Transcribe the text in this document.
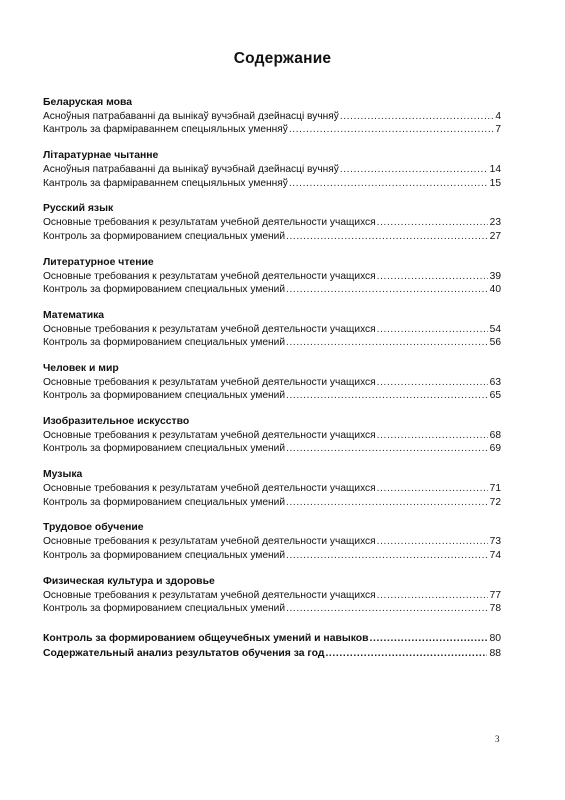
Содержание
Беларуская мова
Асноўныя патрабаванні да вынікаў вучэбнай дзейнасці вучняў .....	4
Кантроль за фарміраваннем спецыяльных уменняў .....	7
Літаратурнае чытанне
Асноўныя патрабаванні да вынікаў вучэбнай дзейнасці вучняў .....	14
Кантроль за фарміраваннем спецыяльных уменняў .....	15
Русский язык
Основные требования к результатам учебной деятельности учащихся .....	23
Контроль за формированием специальных умений .....	27
Литературное чтение
Основные требования к результатам учебной деятельности учащихся .....	39
Контроль за формированием специальных умений .....	40
Математика
Основные требования к результатам учебной деятельности учащихся .....	54
Контроль за формированием специальных умений .....	56
Человек и мир
Основные требования к результатам учебной деятельности учащихся .....	63
Контроль за формированием специальных умений .....	65
Изобразительное искусство
Основные требования к результатам учебной деятельности учащихся .....	68
Контроль за формированием специальных умений .....	69
Музыка
Основные требования к результатам учебной деятельности учащихся .....	71
Контроль за формированием специальных умений .....	72
Трудовое обучение
Основные требования к результатам учебной деятельности учащихся .....	73
Контроль за формированием специальных умений .....	74
Физическая культура и здоровье
Основные требования к результатам учебной деятельности учащихся .....	77
Контроль за формированием специальных умений .....	78
Контроль за формированием общеучебных умений и навыков .....	80
Содержательный анализ результатов обучения за год .....	88
3
